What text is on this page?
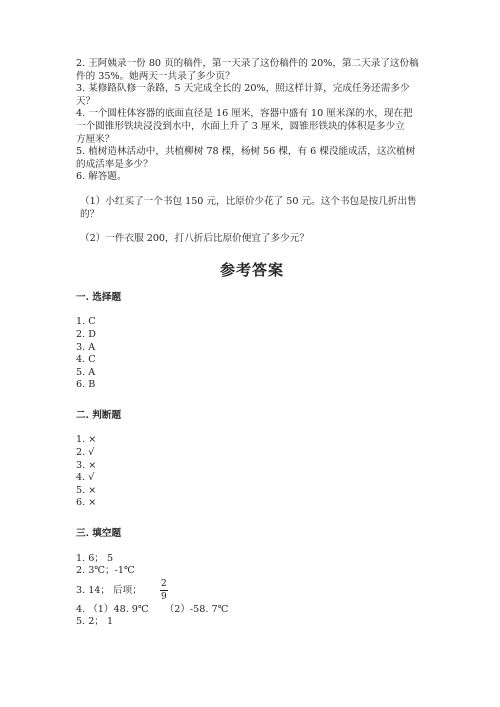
2. 王阿姨录一份 80 页的稿件，第一天录了这份稿件的 20%，第二天录了这份稿
件的 35%。她两天一共录了多少页？
3. 某修路队修一条路，5 天完成全长的 20%，照这样计算，完成任务还需多少
天？
4. 一个圆柱体容器的底面直径是 16 厘米，容器中盛有 10 厘米深的水，现在把
一个圆锥形铁块浸没到水中，水面上升了 3 厘米，圆锥形铁块的体积是多少立
方厘米？
5. 植树造林活动中，共植柳树 78 棵，杨树 56 棵，有 6 棵没能成活，这次植树
的成活率是多少？
6. 解答题。
（1）小红买了一个书包 150 元，比原价少花了 50 元。这个书包是按几折出售
的？
（2）一件衣服 200，打八折后比原价便宜了多少元？
参考答案
一. 选择题
1. C
2. D
3. A
4. C
5. A
6. B
二. 判断题
1. ×
2. √
3. ×
4. √
5. ×
6. ×
三. 填空题
1. 6； 5
2. 3℃；-1℃
3. 14； 后项； $\frac{2}{9}$
4. （1）48. 9℃ （2）-58. 7℃
5. 2； 1
